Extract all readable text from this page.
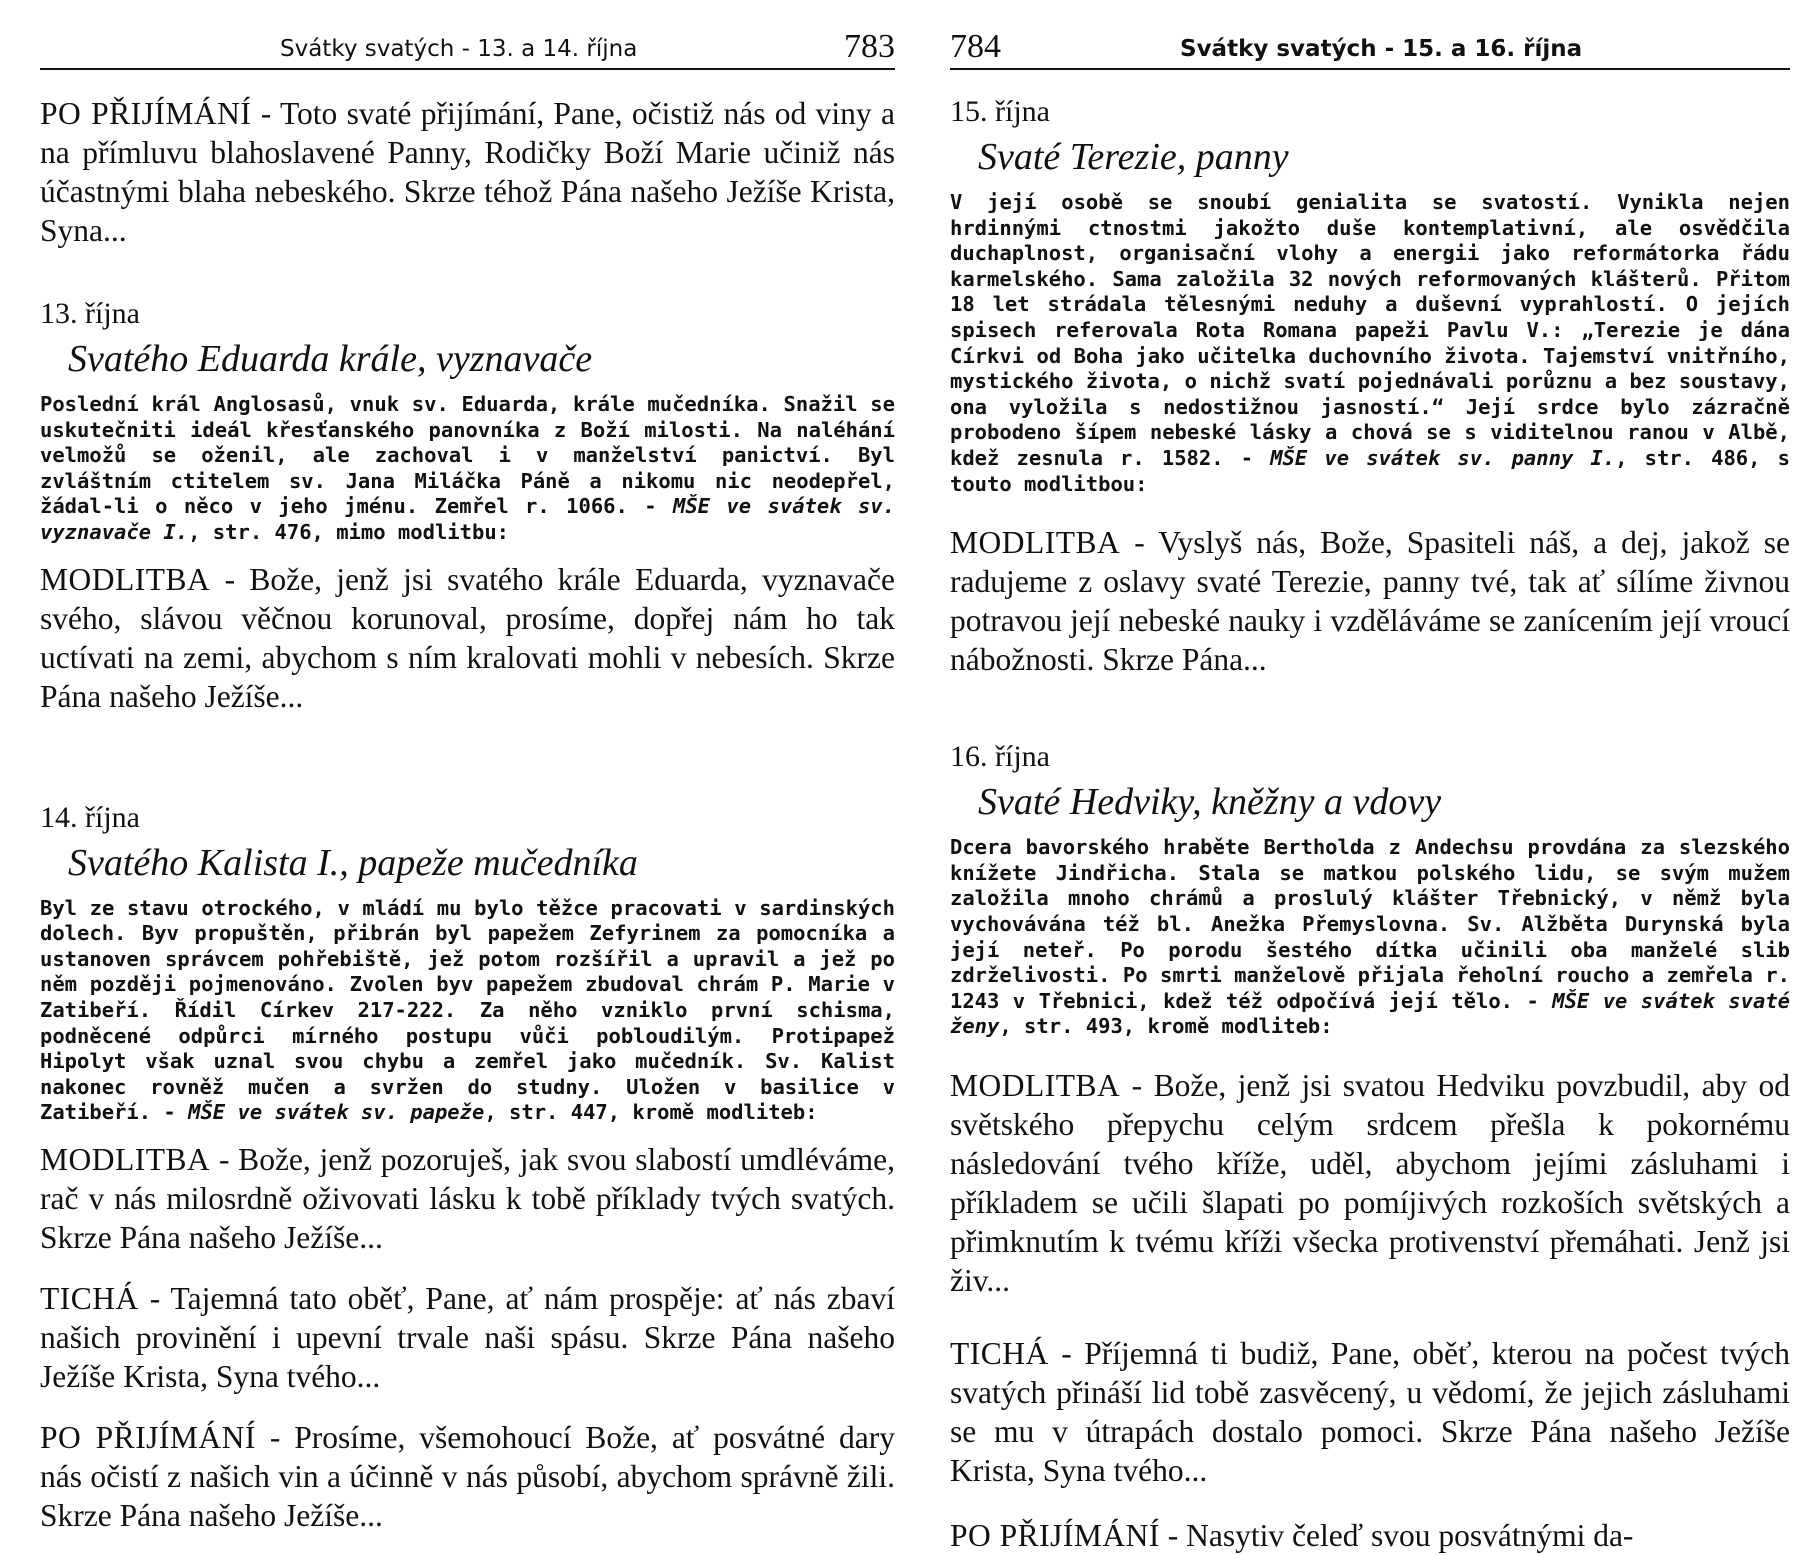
Svátky svatých - 13. a 14. října	783

PO PŘIJÍMÁNÍ - Toto svaté přijímání, Pane, očistiž nás od viny a na přímluvu blahoslavené Panny, Rodičky Boží Marie učiniž nás účastnými blaha nebeského. Skrze téhož Pána našeho Ježíše Krista, Syna...

13. října

Svatého Eduarda krále, vyznavače

Poslední král Anglosasů, vnuk sv. Eduarda, krále mučedníka. Snažil se uskutečniti ideál křesťanského panovníka z Boží milosti. Na naléhání velmožů se oženil, ale zachoval i v manželství panictví. Byl zvláštním ctitelem sv. Jana Miláčka Páně a nikomu nic neodepřel, žádal-li o něco v jeho jménu. Zemřel r. 1066. - MŠE ve svátek sv. vyznavače I., str. 476, mimo modlitbu:

MODLITBA - Bože, jenž jsi svatého krále Eduarda, vyznavače svého, slávou věčnou korunoval, prosíme, dopřej nám ho tak uctívati na zemi, abychom s ním kralovati mohli v nebesích. Skrze Pána našeho Ježíše...

14. října

Svatého Kalista I., papeže mučedníka

Byl ze stavu otrockého, v mládí mu bylo těžce pracovati v sardinských dolech. Byv propuštěn, přibrán byl papežem Zefyrinem za pomocníka a ustanoven správcem pohřebiště, jež potom rozšířil a upravil a jež po něm později pojmenováno. Zvolen byv papežem zbudoval chrám P. Marie v Zatibeří. Řídil Církev 217-222. Za něho vzniklo první schisma, podněcené odpůrci mírného postupu vůči pobloudilým. Protipapež Hipolyt však uznal svou chybu a zemřel jako mučedník. Sv. Kalist nakonec rovněž mučen a svržen do studny. Uložen v basilice v Zatibeří. - MŠE ve svátek sv. papeže, str. 447, kromě modliteb:

MODLITBA - Bože, jenž pozoruješ, jak svou slabostí umdléváme, rač v nás milosrdně oživovati lásku k tobě příklady tvých svatých. Skrze Pána našeho Ježíše...

TICHÁ - Tajemná tato oběť, Pane, ať nám prospěje: ať nás zbaví našich provinění i upevní trvale naši spásu. Skrze Pána našeho Ježíše Krista, Syna tvého...

PO PŘIJÍMÁNÍ - Prosíme, všemohoucí Bože, ať posvátné dary nás očistí z našich vin a účinně v nás působí, abychom správně žili. Skrze Pána našeho Ježíše...

784	Svátky svatých - 15. a 16. října

15. října

Svaté Terezie, panny

V její osobě se snoubí genialita se svatostí. Vynikla nejen hrdinnými ctnostmi jakožto duše kontemplativní, ale osvědčila duchaplnost, organisační vlohy a energii jako reformátorka řádu karmelského. Sama založila 32 nových reformovaných klášterů. Přitom 18 let strádala tělesnými neduhy a duševní vyprahlostí. O jejích spisech referovala Rota Romana papeži Pavlu V.: „Terezie je dána Církvi od Boha jako učitelka duchovního života. Tajemství vnitřního, mystického života, o nichž svatí pojednávali porůznu a bez soustavy, ona vyložila s nedostižnou jasností.“ Její srdce bylo zázračně probodeno šípem nebeské lásky a chová se s viditelnou ranou v Albě, kdež zesnula r. 1582. - MŠE ve svátek sv. panny I., str. 486, s touto modlitbou:

MODLITBA - Vyslyš nás, Bože, Spasiteli náš, a dej, jakož se radujeme z oslavy svaté Terezie, panny tvé, tak ať sílíme živnou potravou její nebeské nauky i vzděláváme se zanícením její vroucí nábožnosti. Skrze Pána...

16. října

Svaté Hedviky, kněžny a vdovy

Dcera bavorského hraběte Bertholda z Andechsu provdána za slezského knížete Jindřicha. Stala se matkou polského lidu, se svým mužem založila mnoho chrámů a proslulý klášter Třebnický, v němž byla vychovávána též bl. Anežka Přemyslovna. Sv. Alžběta Durynská byla její neteř. Po porodu šestého dítka učinili oba manželé slib zdrželivosti. Po smrti manželově přijala řeholní roucho a zemřela r. 1243 v Třebnici, kdež též odpočívá její tělo. - MŠE ve svátek svaté ženy, str. 493, kromě modliteb:

MODLITBA - Bože, jenž jsi svatou Hedviku povzbudil, aby od světského přepychu celým srdcem přešla k pokornému následování tvého kříže, uděl, abychom jejími zásluhami i příkladem se učili šlapati po pomíjivých rozkoších světských a přimknutím k tvému kříži všecka protivenství přemáhati. Jenž jsi živ...

TICHÁ - Příjemná ti budiž, Pane, oběť, kterou na počest tvých svatých přináší lid tobě zasvěcený, u vědomí, že jejich zásluhami se mu v útrapách dostalo pomoci. Skrze Pána našeho Ježíše Krista, Syna tvého...

PO PŘIJÍMÁNÍ - Nasytiv čeleď svou posvátnými da-
